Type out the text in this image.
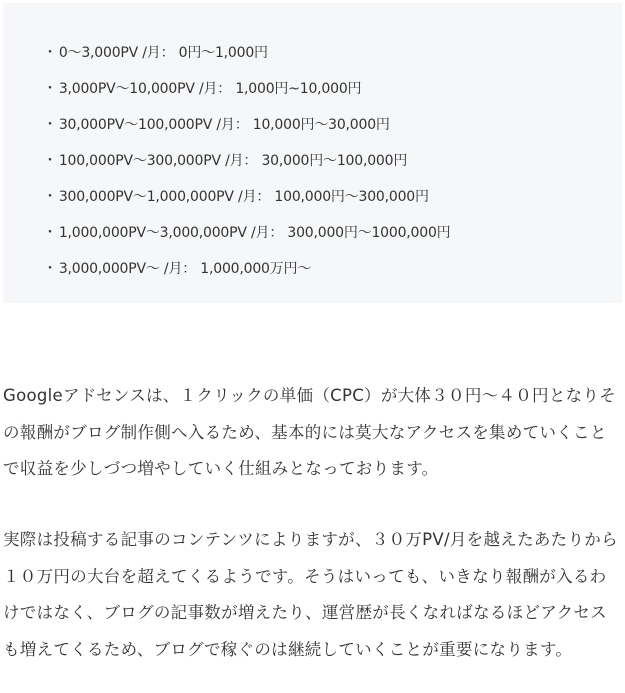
・ 0〜3,000PV /月： 0円〜1,000円
・ 3,000PV〜10,000PV /月： 1,000円~10,000円
・ 30,000PV〜100,000PV /月： 10,000円〜30,000円
・ 100,000PV〜300,000PV /月： 30,000円〜100,000円
・ 300,000PV〜1,000,000PV /月： 100,000円〜300,000円
・ 1,000,000PV〜3,000,000PV /月： 300,000円〜1000,000円
・ 3,000,000PV〜 /月： 1,000,000万円〜

Googleアドセンスは、１クリックの単価（CPC）が大体３０円〜４０円となりその報酬がブログ制作側へ入るため、基本的には莫大なアクセスを集めていくことで収益を少しづつ増やしていく仕組みとなっております。

実際は投稿する記事のコンテンツによりますが、３０万PV/月を越えたあたりから１０万円の大台を超えてくるようです。そうはいっても、いきなり報酬が入るわけではなく、ブログの記事数が増えたり、運営歴が長くなればなるほどアクセスも増えてくるため、ブログで稼ぐのは継続していくことが重要になります。
